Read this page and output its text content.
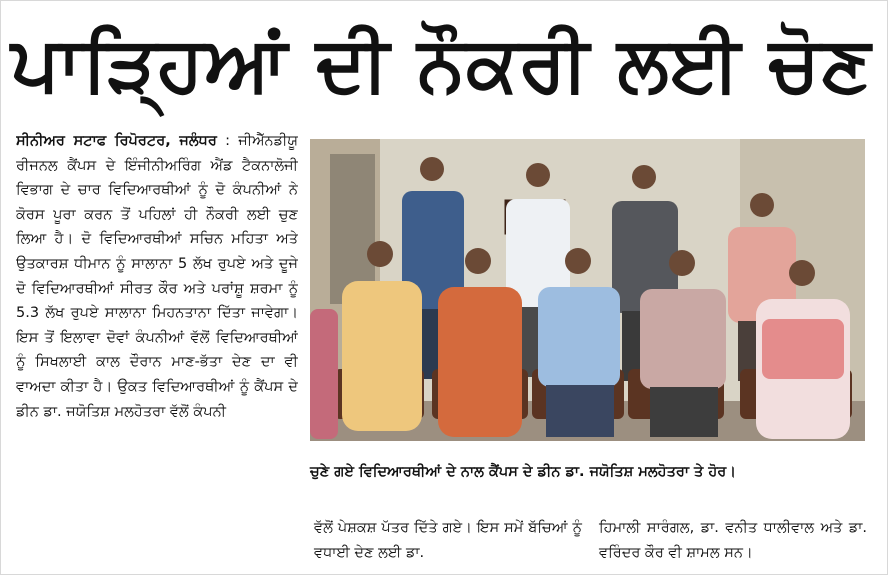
ਪਾੜ੍ਹਿਆਂ ਦੀ ਨੌਕਰੀ ਲਈ ਚੋਣ
ਸੀਨੀਅਰ ਸਟਾਫ ਰਿਪੋਰਟਰ, ਜਲੰਧਰ : ਜੀਐੱਨਡੀਯੂ ਰੀਜਨਲ ਕੈਂਪਸ ਦੇ ਇੰਜੀਨੀਅਰਿੰਗ ਐਂਡ ਟੈਕਨਾਲੋਜੀ ਵਿਭਾਗ ਦੇ ਚਾਰ ਵਿਦਿਆਰਥੀਆਂ ਨੂੰ ਦੋ ਕੰਪਨੀਆਂ ਨੇ ਕੋਰਸ ਪੂਰਾ ਕਰਨ ਤੋਂ ਪਹਿਲਾਂ ਹੀ ਨੌਕਰੀ ਲਈ ਚੁਣ ਲਿਆ ਹੈ। ਦੋ ਵਿਦਿਆਰਥੀਆਂ ਸਚਿਨ ਮਹਿਤਾ ਅਤੇ ਉਤਕਾਰਸ਼ ਧੀਮਾਨ ਨੂੰ ਸਾਲਾਨਾ 5 ਲੱਖ ਰੁਪਏ ਅਤੇ ਦੂਜੇ ਦੋ ਵਿਦਿਆਰਥੀਆਂ ਸੀਰਤ ਕੌਰ ਅਤੇ ਪਰਾਂਸ਼ੂ ਸ਼ਰਮਾ ਨੂੰ 5.3 ਲੱਖ ਰੁਪਏ ਸਾਲਾਨਾ ਮਿਹਨਤਾਨਾ ਦਿੱਤਾ ਜਾਵੇਗਾ। ਇਸ ਤੋਂ ਇਲਾਵਾ ਦੋਵਾਂ ਕੰਪਨੀਆਂ ਵੱਲੋਂ ਵਿਦਿਆਰਥੀਆਂ ਨੂੰ ਸਿਖਲਾਈ ਕਾਲ ਦੌਰਾਨ ਮਾਣ-ਭੱਤਾ ਦੇਣ ਦਾ ਵੀ ਵਾਅਦਾ ਕੀਤਾ ਹੈ। ਉਕਤ ਵਿਦਿਆਰਥੀਆਂ ਨੂੰ ਕੈਂਪਸ ਦੇ ਡੀਨ ਡਾ. ਜਯੋਤਿਸ਼ ਮਲਹੋਤਰਾ ਵੱਲੋਂ ਕੰਪਨੀ
ਚੁਣੇ ਗਏ ਵਿਦਿਆਰਥੀਆਂ ਦੇ ਨਾਲ ਕੈਂਪਸ ਦੇ ਡੀਨ ਡਾ. ਜਯੋਤਿਸ਼ ਮਲਹੋਤਰਾ ਤੇ ਹੋਰ।
ਵੱਲੋਂ ਪੇਸ਼ਕਸ਼ ਪੱਤਰ ਦਿੱਤੇ ਗਏ। ਇਸ ਸਮੇਂ ਬੱਚਿਆਂ ਨੂੰ ਵਧਾਈ ਦੇਣ ਲਈ ਡਾ.
ਹਿਮਾਲੀ ਸਾਰੰਗਲ, ਡਾ. ਵਨੀਤ ਧਾਲੀਵਾਲ ਅਤੇ ਡਾ. ਵਰਿੰਦਰ ਕੌਰ ਵੀ ਸ਼ਾਮਲ ਸਨ।
